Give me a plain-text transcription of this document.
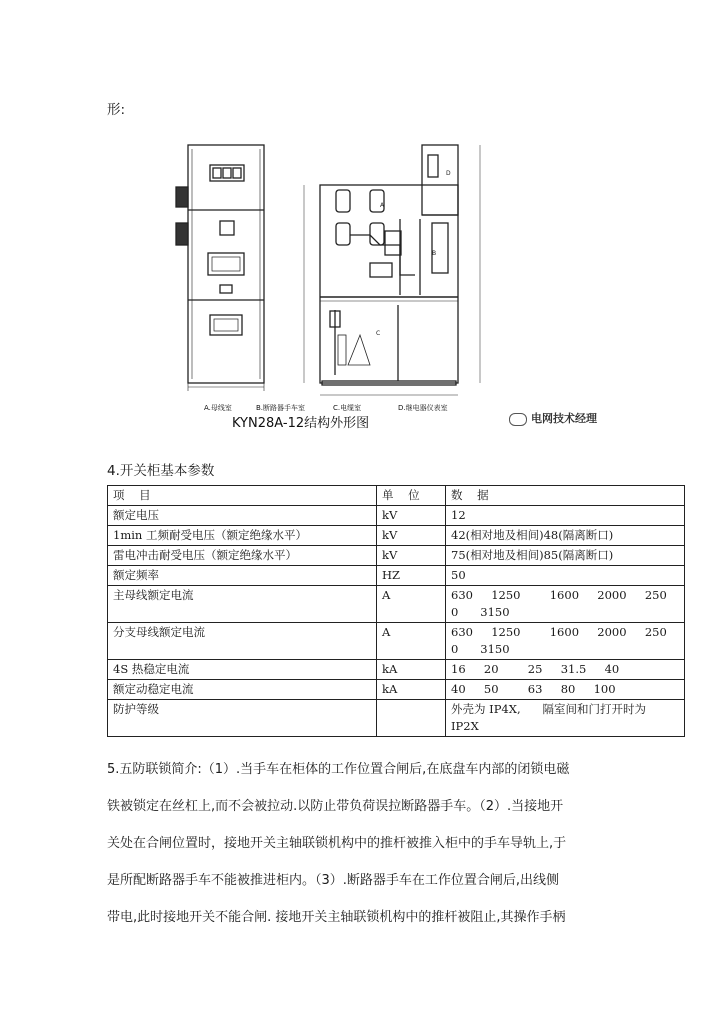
形:
A
B
C
D
A.母线室	B.断路器手车室	C.电缆室	D.继电器仪表室
KYN28A-12结构外形图	电网技术经理
4.开关柜基本参数
项    目	单    位	数    据
额定电压	kV	12

1min 工频耐受电压（额定绝缘水平）	kV	42(相对地及相间)48(隔离断口)

雷电冲击耐受电压（额定绝缘水平）	kV	75(相对地及相间)85(隔离断口)

额定频率	HZ	50

主母线额定电流	A	630     1250        1600     2000     250
0      3150

分支母线额定电流	A	630     1250        1600     2000     250
0      3150

4S 热稳定电流	kA	16     20        25     31.5     40

额定动稳定电流	kA	40     50        63     80     100

防护等级		外壳为 IP4X,      隔室间和门打开时为
IP2X
5.五防联锁简介:（1）.当手车在柜体的工作位置合闸后,在底盘车内部的闭锁电磁
铁被锁定在丝杠上,而不会被拉动.以防止带负荷误拉断路器手车。（2）.当接地开
关处在合闸位置时，接地开关主轴联锁机构中的推杆被推入柜中的手车导轨上,于
是所配断路器手车不能被推进柜内。（3）.断路器手车在工作位置合闸后,出线侧
带电,此时接地开关不能合闸. 接地开关主轴联锁机构中的推杆被阻止,其操作手柄
